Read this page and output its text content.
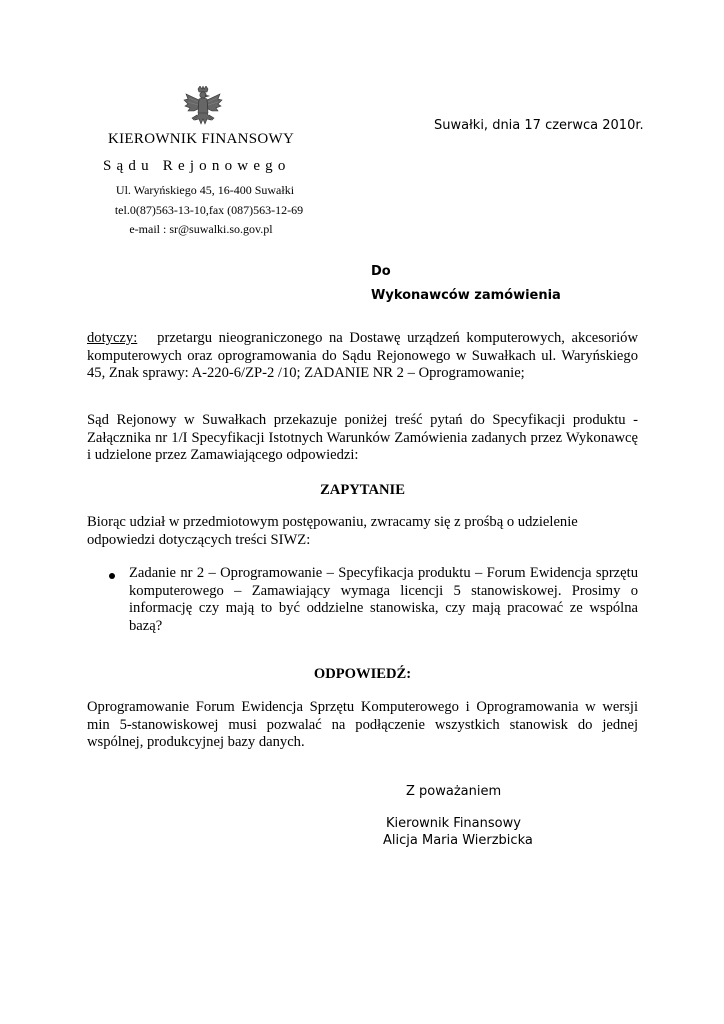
KIEROWNIK FINANSOWY
Sądu Rejonowego
Ul. Waryńskiego 45, 16-400 Suwałki
tel.0(87)563-13-10,fax (087)563-12-69
e-mail : sr@suwalki.so.gov.pl
Suwałki, dnia 17 czerwca 2010r.
Do
Wykonawców zamówienia
dotyczy: przetargu nieograniczonego na Dostawę urządzeń komputerowych, akcesoriów komputerowych oraz oprogramowania do Sądu Rejonowego w Suwałkach ul. Waryńskiego 45, Znak sprawy: A-220-6/ZP-2 /10; ZADANIE NR 2 – Oprogramowanie;
Sąd Rejonowy w Suwałkach przekazuje poniżej treść pytań do Specyfikacji produktu - Załącznika nr 1/I Specyfikacji Istotnych Warunków Zamówienia zadanych przez Wykonawcę i udzielone przez Zamawiającego odpowiedzi:
ZAPYTANIE
Biorąc udział w przedmiotowym postępowaniu, zwracamy się z prośbą o udzielenie
odpowiedzi dotyczących treści SIWZ:
Zadanie nr 2 – Oprogramowanie – Specyfikacja produktu – Forum Ewidencja sprzętu komputerowego – Zamawiający wymaga licencji 5 stanowiskowej. Prosimy o informację czy mają to być oddzielne stanowiska, czy mają pracować ze wspólna bazą?
ODPOWIEDŹ:
Oprogramowanie Forum Ewidencja Sprzętu Komputerowego i Oprogramowania w wersji min 5-stanowiskowej musi pozwalać na podłączenie wszystkich stanowisk do jednej wspólnej, produkcyjnej bazy danych.
Z poważaniem
Kierownik Finansowy
Alicja Maria Wierzbicka
